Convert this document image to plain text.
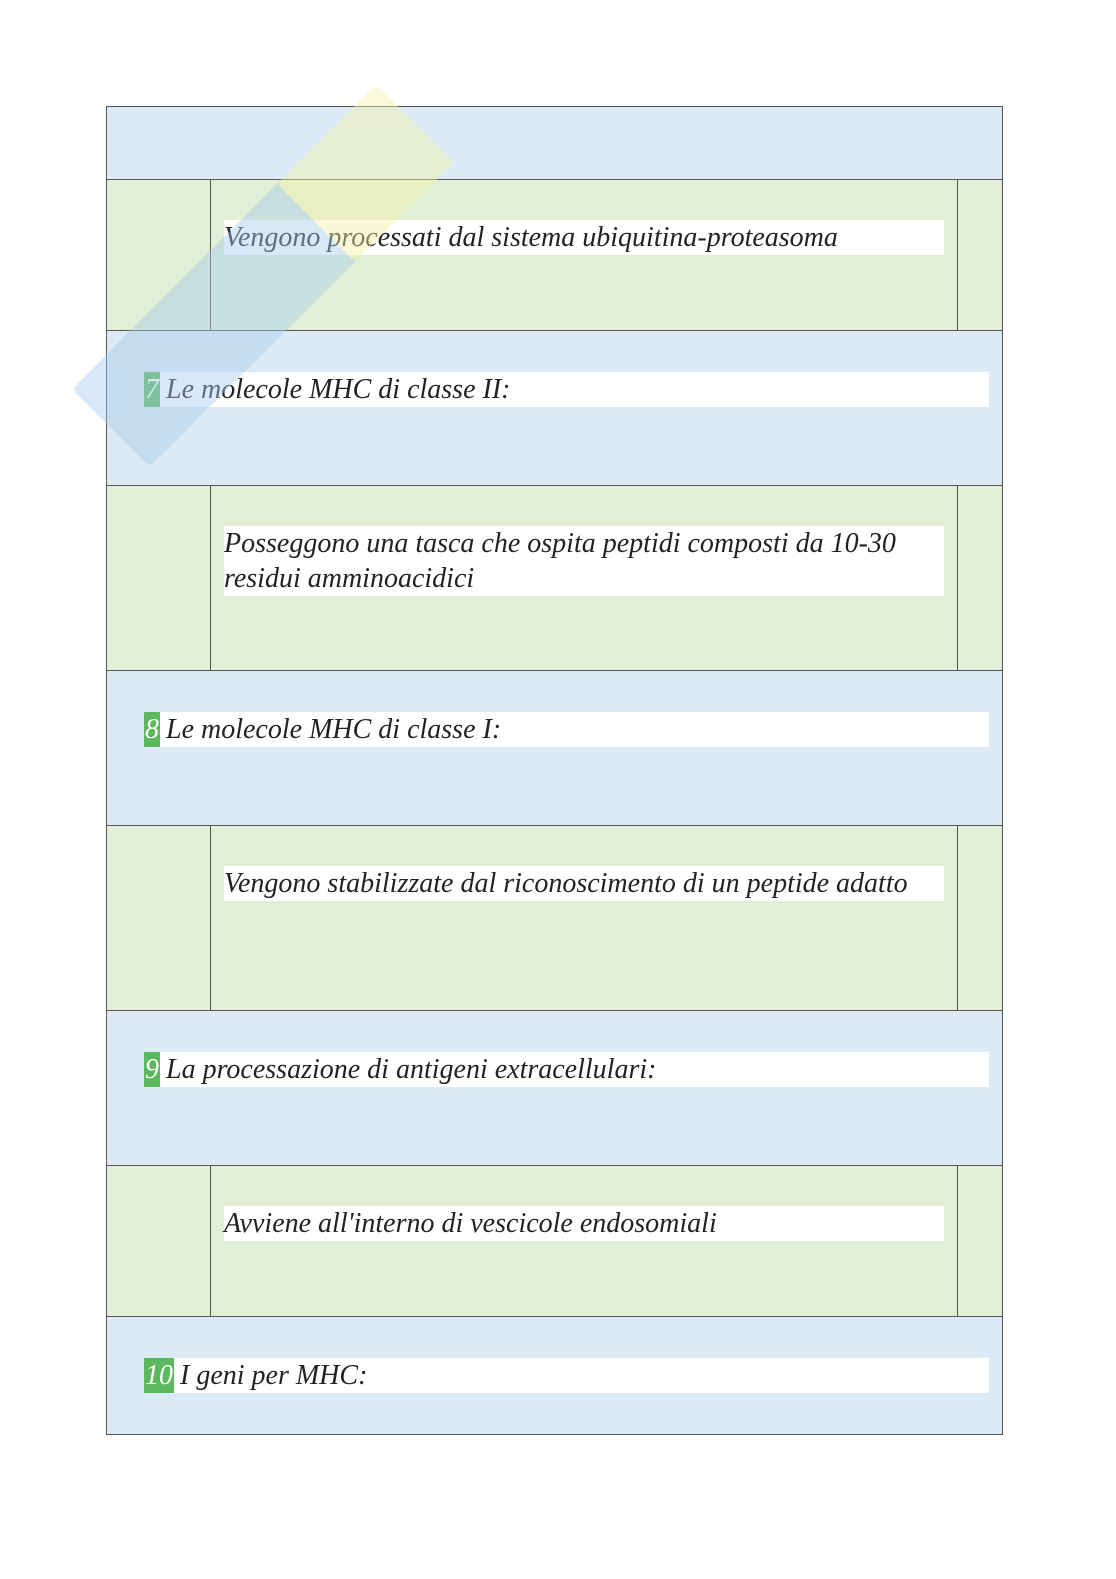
Vengono processati dal sistema ubiquitina-proteasoma
7 Le molecole MHC di classe II:
Posseggono una tasca che ospita peptidi composti da 10-30 residui amminoacidici
8 Le molecole MHC di classe I:
Vengono stabilizzate dal riconoscimento di un peptide adatto
9 La processazione di antigeni extracellulari:
Avviene all'interno di vescicole endosomiali
10 I geni per MHC:
